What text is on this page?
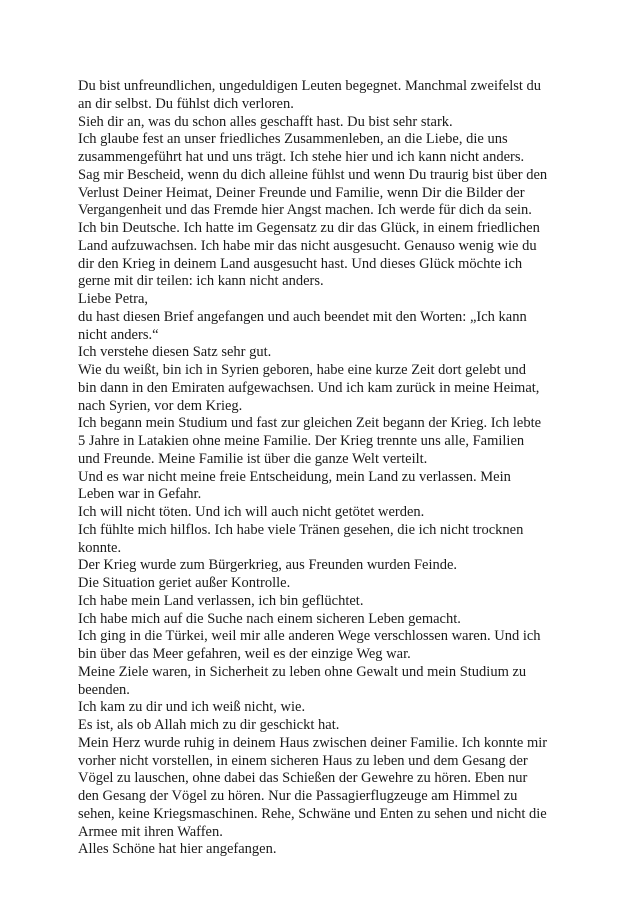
Du bist unfreundlichen, ungeduldigen Leuten begegnet. Manchmal zweifelst du
an dir selbst. Du fühlst dich verloren.
Sieh dir an, was du schon alles geschafft hast. Du bist sehr stark.
Ich glaube fest an unser friedliches Zusammenleben, an die Liebe, die uns
zusammengeführt hat und uns trägt. Ich stehe hier und ich kann nicht anders.
Sag mir Bescheid, wenn du dich alleine fühlst und wenn Du traurig bist über den
Verlust Deiner Heimat, Deiner Freunde und Familie, wenn Dir die Bilder der
Vergangenheit und das Fremde hier Angst machen. Ich werde für dich da sein.
Ich bin Deutsche. Ich hatte im Gegensatz zu dir das Glück, in einem friedlichen
Land aufzuwachsen. Ich habe mir das nicht ausgesucht. Genauso wenig wie du
dir den Krieg in deinem Land ausgesucht hast. Und dieses Glück möchte ich
gerne mit dir teilen: ich kann nicht anders.
Liebe Petra,
du hast diesen Brief angefangen und auch beendet mit den Worten: „Ich kann
nicht anders.“
Ich verstehe diesen Satz sehr gut.
Wie du weißt, bin ich in Syrien geboren, habe eine kurze Zeit dort gelebt und
bin dann in den Emiraten aufgewachsen. Und ich kam zurück in meine Heimat,
nach Syrien, vor dem Krieg.
Ich begann mein Studium und fast zur gleichen Zeit begann der Krieg. Ich lebte
5 Jahre in Latakien ohne meine Familie. Der Krieg trennte uns alle, Familien
und Freunde. Meine Familie ist über die ganze Welt verteilt.
Und es war nicht meine freie Entscheidung, mein Land zu verlassen. Mein
Leben war in Gefahr.
Ich will nicht töten. Und ich will auch nicht getötet werden.
Ich fühlte mich hilflos. Ich habe viele Tränen gesehen, die ich nicht trocknen
konnte.
Der Krieg wurde zum Bürgerkrieg, aus Freunden wurden Feinde.
Die Situation geriet außer Kontrolle.
Ich habe mein Land verlassen, ich bin geflüchtet.
Ich habe mich auf die Suche nach einem sicheren Leben gemacht.
Ich ging in die Türkei, weil mir alle anderen Wege verschlossen waren. Und ich
bin über das Meer gefahren, weil es der einzige Weg war.
Meine Ziele waren, in Sicherheit zu leben ohne Gewalt und mein Studium zu
beenden.
Ich kam zu dir und ich weiß nicht, wie.
Es ist, als ob Allah mich zu dir geschickt hat.
Mein Herz wurde ruhig in deinem Haus zwischen deiner Familie. Ich konnte mir
vorher nicht vorstellen, in einem sicheren Haus zu leben und dem Gesang der
Vögel zu lauschen, ohne dabei das Schießen der Gewehre zu hören. Eben nur
den Gesang der Vögel zu hören. Nur die Passagierflugzeuge am Himmel zu
sehen, keine Kriegsmaschinen. Rehe, Schwäne und Enten zu sehen und nicht die
Armee mit ihren Waffen.
Alles Schöne hat hier angefangen.
